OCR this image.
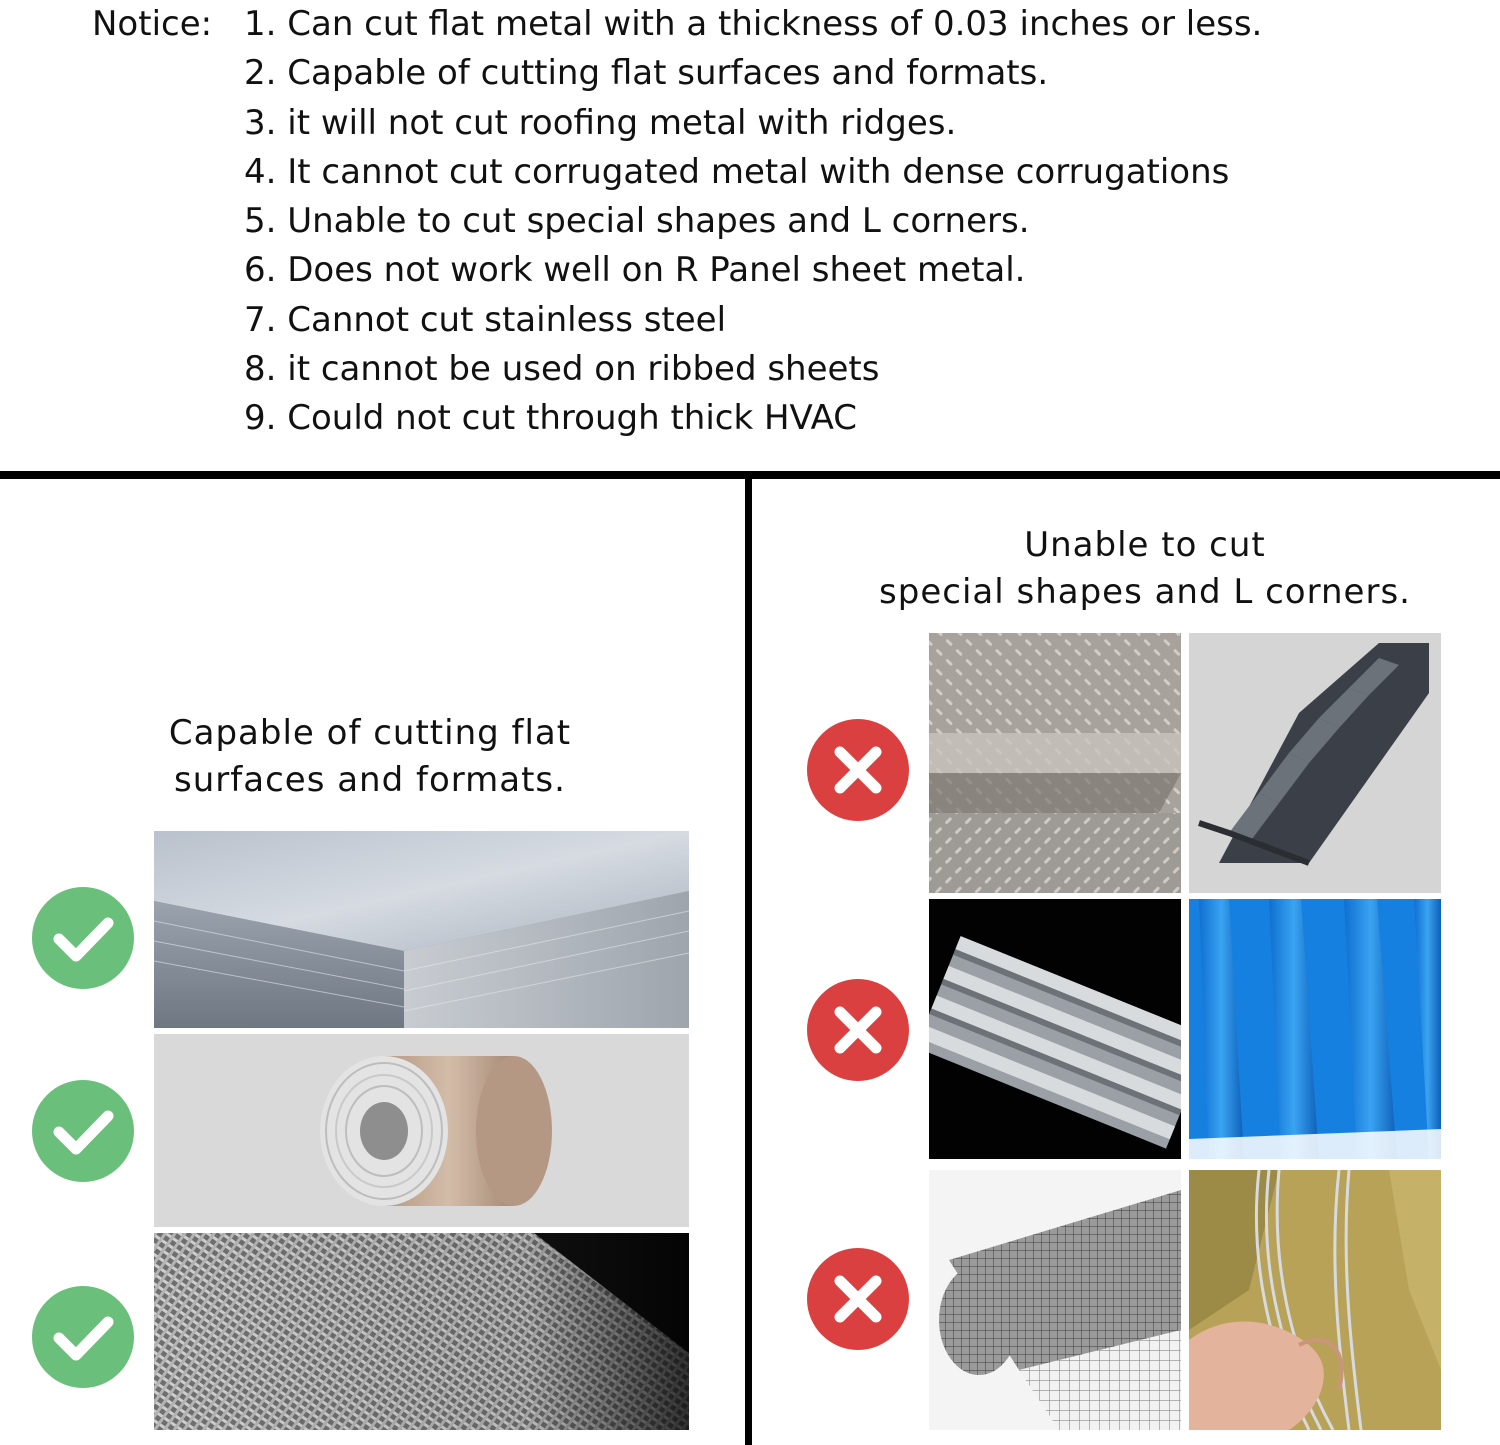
Notice: 1. Can cut flat metal with a thickness of 0.03 inches or less.
2. Capable of cutting flat surfaces and formats.
3. it will not cut roofing metal with ridges.
4. It cannot cut corrugated metal with dense corrugations
5. Unable to cut special shapes and L corners.
6. Does not work well on R Panel sheet metal.
7. Cannot cut stainless steel
8. it cannot be used on ribbed sheets
9. Could not cut through thick HVAC
Capable of cutting flat
surfaces and formats.
Unable to cut
special shapes and L corners.
